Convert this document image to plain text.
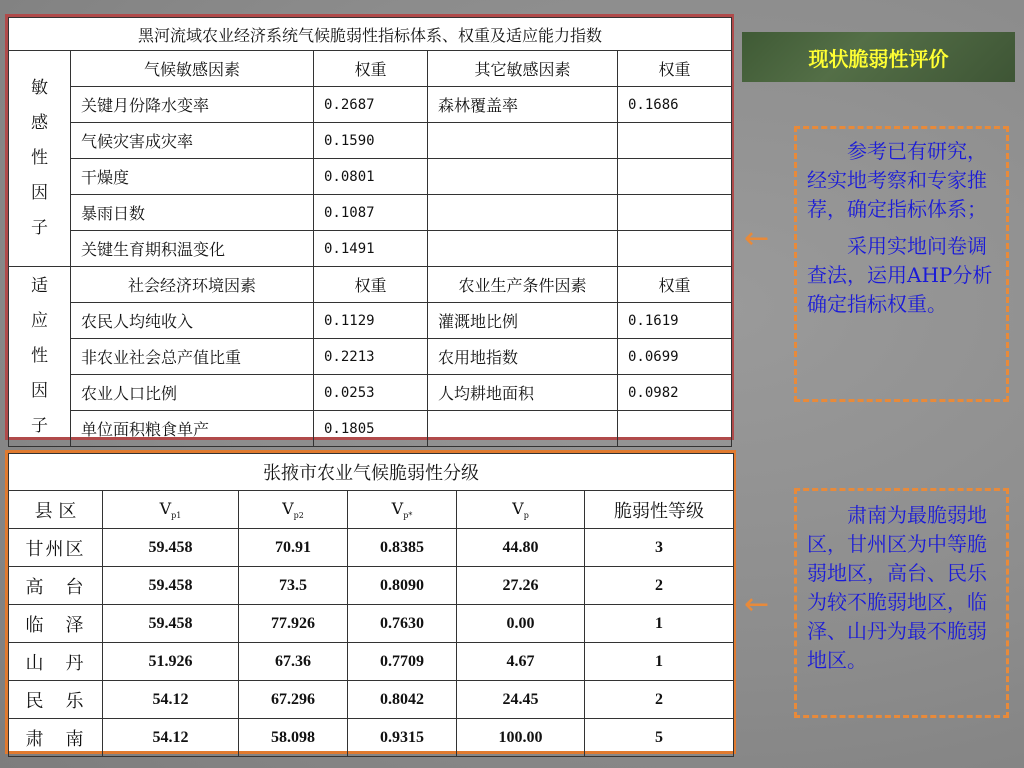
黑河流域农业经济系统气候脆弱性指标体系、权重及适应能力指数				

敏
感
性
因
子	气候敏感因素	权重	其它敏感因素	权重
	关键月份降水变率	0.2687	森林覆盖率	0.1686
	气候灾害成灾率	0.1590		
	干燥度	0.0801		
	暴雨日数	0.1087		
	关键生育期积温变化	0.1491		

适
应
性
因
子	社会经济环境因素	权重	农业生产条件因素	权重
	农民人均纯收入	0.1129	灌溉地比例	0.1619
	非农业社会总产值比重	0.2213	农用地指数	0.0699
	农业人口比例	0.0253	人均耕地面积	0.0982
	单位面积粮食单产	0.1805		
张掖市农业气候脆弱性分级					
县 区	$V_{p1}$	$V_{p2}$	$V_{p*}$	$V_p$	脆弱性等级
甘州区	59.458	70.91	0.8385	44.80	3
高　台	59.458	73.5	0.8090	27.26	2
临　泽	59.458	77.926	0.7630	0.00	1
山　丹	51.926	67.36	0.7709	4.67	1
民　乐	54.12	67.296	0.8042	24.45	2
肃　南	54.12	58.098	0.9315	100.00	5
现状脆弱性评价
←
←

参考已有研究，经实地考察和专家推荐，确定指标体系；

采用实地问卷调查法，运用AHP分析确定指标权重。

肃南为最脆弱地区，甘州区为中等脆弱地区，高台、民乐为较不脆弱地区，临泽、山丹为最不脆弱地区。
